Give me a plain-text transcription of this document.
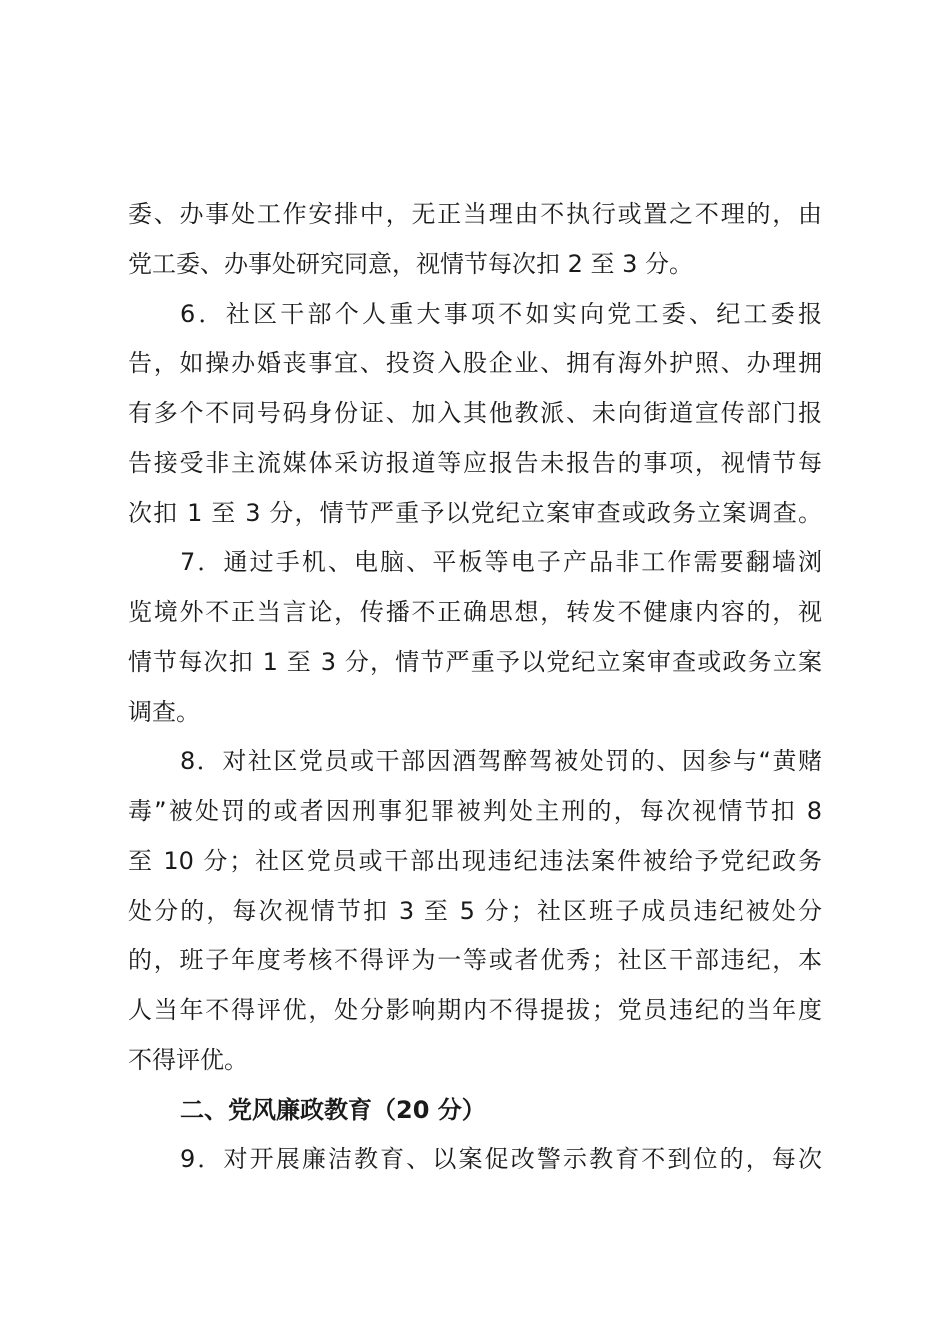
委、办事处工作安排中，无正当理由不执行或置之不理的，由
党工委、办事处研究同意，视情节每次扣 2 至 3 分。
6．社区干部个人重大事项不如实向党工委、纪工委报
告，如操办婚丧事宜、投资入股企业、拥有海外护照、办理拥
有多个不同号码身份证、加入其他教派、未向街道宣传部门报
告接受非主流媒体采访报道等应报告未报告的事项，视情节每
次扣 1 至 3 分，情节严重予以党纪立案审查或政务立案调查。
7．通过手机、电脑、平板等电子产品非工作需要翻墙浏
览境外不正当言论，传播不正确思想，转发不健康内容的，视
情节每次扣 1 至 3 分，情节严重予以党纪立案审查或政务立案
调查。
8．对社区党员或干部因酒驾醉驾被处罚的、因参与“黄赌
毒”被处罚的或者因刑事犯罪被判处主刑的，每次视情节扣 8
至 10 分；社区党员或干部出现违纪违法案件被给予党纪政务
处分的，每次视情节扣 3 至 5 分；社区班子成员违纪被处分
的，班子年度考核不得评为一等或者优秀；社区干部违纪，本
人当年不得评优，处分影响期内不得提拔；党员违纪的当年度
不得评优。
二、党风廉政教育（20 分）
9．对开展廉洁教育、以案促改警示教育不到位的，每次
